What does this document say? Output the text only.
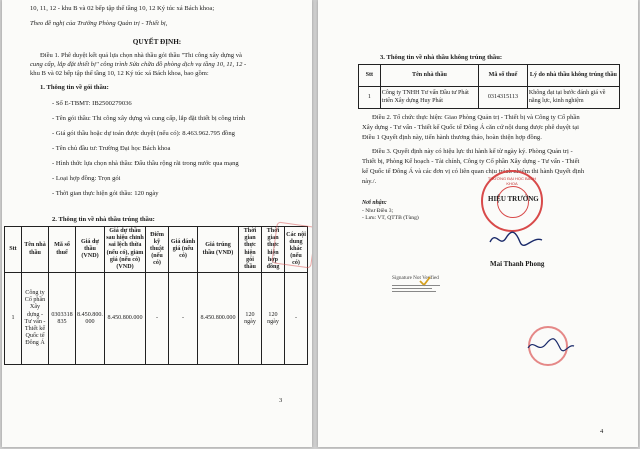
10, 11, 12 - khu B và 02 bếp tập thể tầng 10, 12 Ký túc xá Bách khoa;
Theo đề nghị của Trưởng Phòng Quản trị - Thiết bị,
QUYẾT ĐỊNH:
Điều 1. Phê duyệt kết quả lựa chọn nhà thầu gói thầu "Thi công xây dựng và
cung cấp, lắp đặt thiết bị" công trình Sửa chữa đồ phòng dịch vụ tầng 10, 11, 12 -
khu B và 02 bếp tập thể tầng 10, 12 Ký túc xá Bách khoa, bao gồm:
1. Thông tin về gói thầu:
- Số E-TBMT: IB2500279036
- Tên gói thầu: Thi công xây dựng và cung cấp, lắp đặt thiết bị công trình
- Giá gói thầu hoặc dự toán được duyệt (nếu có): 8.463.962.795 đồng
- Tên chủ đầu tư: Trường Đại học Bách khoa
- Hình thức lựa chọn nhà thầu: Đấu thầu rộng rãi trong nước qua mạng
- Loại hợp đồng: Trọn gói
- Thời gian thực hiện gói thầu: 120 ngày
2. Thông tin về nhà thầu trúng thầu:
Stt	Tên nhà thầu	Mã số thuế	Giá dự thầu (VND)	Giá dự thầu sau hiệu chỉnh sai lệch thừa (nếu có), giảm giá (nếu có) (VND)	Điểm kỹ thuật (nếu có)	Giá đánh giá (nếu có)	Giá trúng thầu (VND)	Thời gian thực hiện gói thầu	Thời gian thực hiện hợp đồng	Các nội dung khác (nếu có)
1	Công ty Cổ phần Xây dựng - Tư vấn - Thiết kế Quốc tế Đông Á	0303318835	8.450.800.000	8.450.800.000	-	-	8.450.800.000	120 ngày	120 ngày	-
3
3. Thông tin về nhà thầu không trúng thầu:
Stt	Tên nhà thầu	Mã số thuế	Lý do nhà thầu không trúng thầu
1	Công ty TNHH Tư vấn Đầu tư Phát triển Xây dựng Huy Phát	0314315113	Không đạt tại bước đánh giá về năng lực, kinh nghiệm
Điều 2. Tổ chức thực hiện: Giao Phòng Quản trị - Thiết bị và Công ty Cổ phần
Xây dựng - Tư vấn - Thiết kế Quốc tế Đông Á căn cứ nội dung được phê duyệt tại
Điều 1 Quyết định này, tiến hành thương thảo, hoàn thiện hợp đồng.
Điều 3. Quyết định này có hiệu lực thi hành kể từ ngày ký. Phòng Quản trị -
Thiết bị, Phòng Kế hoạch - Tài chính, Công ty Cổ phần Xây dựng - Tư vấn - Thiết
kế Quốc tế Đông Á và các đơn vị có liên quan chịu trách nhiệm thi hành Quyết định
này./.
Nơi nhận:
- Như Điều 3;
- Lưu: VT, QTTB (Tùng)
TRƯỜNG ĐẠI HỌC BÁCH KHOA
HIỆU TRƯỞNG
Mai Thanh Phong
Signature Not Verified
4
